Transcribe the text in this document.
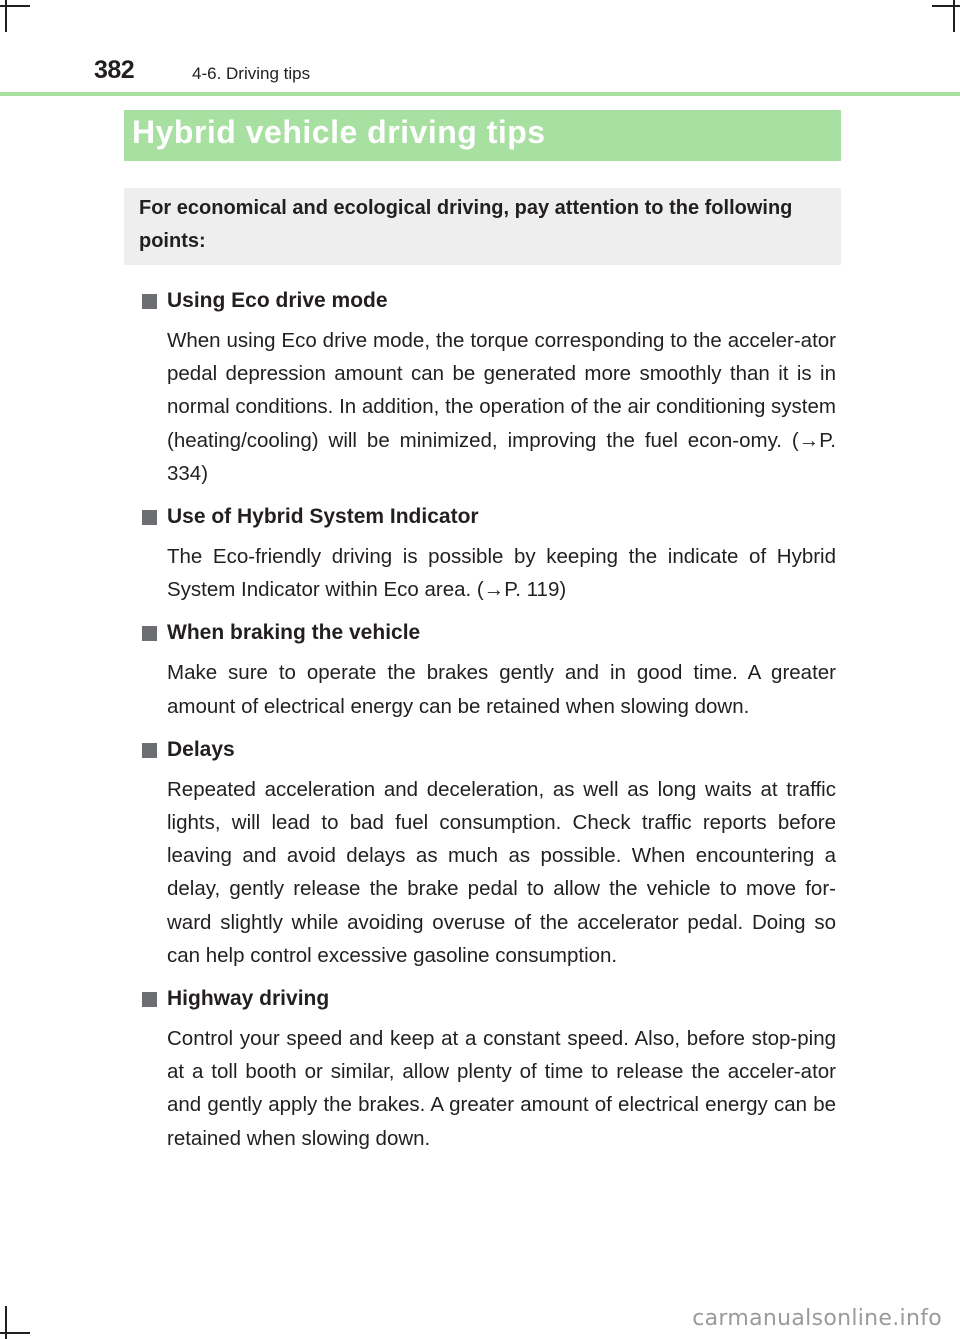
382	4-6. Driving tips
Hybrid vehicle driving tips

For economical and ecological driving, pay attention to the following points:

Using Eco drive mode
When using Eco drive mode, the torque corresponding to the acceler-ator pedal depression amount can be generated more smoothly than it is in normal conditions. In addition, the operation of the air conditioning system (heating/cooling) will be minimized, improving the fuel econ-omy. (→P. 334)
Use of Hybrid System Indicator
The Eco-friendly driving is possible by keeping the indicate of Hybrid System Indicator within Eco area. (→P. 119)
When braking the vehicle
Make sure to operate the brakes gently and in good time. A greater amount of electrical energy can be retained when slowing down.
Delays
Repeated acceleration and deceleration, as well as long waits at traffic lights, will lead to bad fuel consumption. Check traffic reports before leaving and avoid delays as much as possible. When encountering a delay, gently release the brake pedal to allow the vehicle to move for-ward slightly while avoiding overuse of the accelerator pedal. Doing so can help control excessive gasoline consumption.
Highway driving
Control your speed and keep at a constant speed. Also, before stop-ping at a toll booth or similar, allow plenty of time to release the acceler-ator and gently apply the brakes. A greater amount of electrical energy can be retained when slowing down.
carmanualsonline.info
